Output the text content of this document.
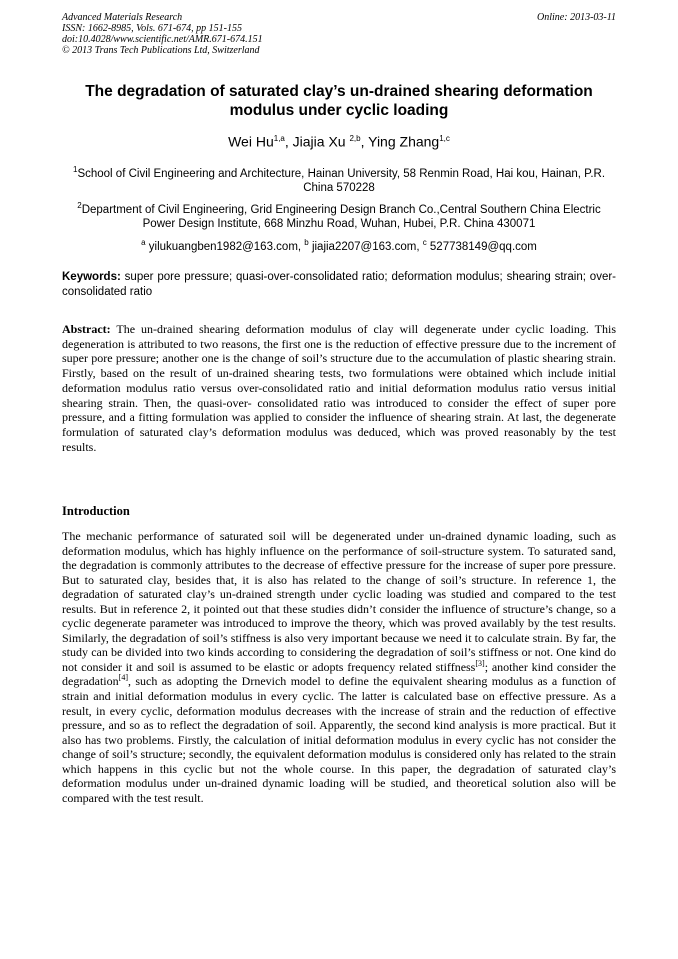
Advanced Materials Research
ISSN: 1662-8985, Vols. 671-674, pp 151-155
doi:10.4028/www.scientific.net/AMR.671-674.151
© 2013 Trans Tech Publications Ltd, Switzerland
Online: 2013-03-11
The degradation of saturated clay’s un-drained shearing deformation modulus under cyclic loading
Wei Hu$^{1,a}$, Jiajia Xu $^{2,b}$, Ying Zhang$^{1,c}$
$^1$School of Civil Engineering and Architecture, Hainan University, 58 Renmin Road, Hai kou, Hainan, P.R. China 570228
$^2$Department of Civil Engineering, Grid Engineering Design Branch Co.,Central Southern China Electric Power Design Institute, 668 Minzhu Road, Wuhan, Hubei, P.R. China 430071
$^a$ yilukuangben1982@163.com, $^b$ jiajia2207@163.com, $^c$ 527738149@qq.com
Keywords: super pore pressure; quasi-over-consolidated ratio; deformation modulus; shearing strain; over-consolidated ratio
Abstract: The un-drained shearing deformation modulus of clay will degenerate under cyclic loading. This degeneration is attributed to two reasons, the first one is the reduction of effective pressure due to the increment of super pore pressure; another one is the change of soil’s structure due to the accumulation of plastic shearing strain. Firstly, based on the result of un-drained shearing tests, two formulations were obtained which include initial deformation modulus ratio versus over-consolidated ratio and initial deformation modulus ratio versus initial shearing strain. Then, the quasi-over- consolidated ratio was introduced to consider the effect of super pore pressure, and a fitting formulation was applied to consider the influence of shearing strain. At last, the degenerate formulation of saturated clay’s deformation modulus was deduced, which was proved reasonably by the test results.
Introduction
The mechanic performance of saturated soil will be degenerated under un-drained dynamic loading, such as deformation modulus, which has highly influence on the performance of soil-structure system. To saturated sand, the degradation is commonly attributes to the decrease of effective pressure for the increase of super pore pressure. But to saturated clay, besides that, it is also has related to the change of soil’s structure. In reference 1, the degradation of saturated clay’s un-drained strength under cyclic loading was studied and compared to the test results. But in reference 2, it pointed out that these studies didn’t consider the influence of structure’s change, so a cyclic degenerate parameter was introduced to improve the theory, which was proved availably by the test results. Similarly, the degradation of soil’s stiffness is also very important because we need it to calculate strain. By far, the study can be divided into two kinds according to considering the degradation of soil’s stiffness or not. One kind do not consider it and soil is assumed to be elastic or adopts frequency related stiffness[3]; another kind consider the degradation[4], such as adopting the Drnevich model to define the equivalent shearing modulus as a function of strain and initial deformation modulus in every cyclic. The latter is calculated base on effective pressure. As a result, in every cyclic, deformation modulus decreases with the increase of strain and the reduction of effective pressure, and so as to reflect the degradation of soil. Apparently, the second kind analysis is more practical. But it also has two problems. Firstly, the calculation of initial deformation modulus in every cyclic has not consider the change of soil’s structure; secondly, the equivalent deformation modulus is considered only has related to the strain which happens in this cyclic but not the whole course. In this paper, the degradation of saturated clay’s deformation modulus under un-drained dynamic loading will be studied, and theoretical solution also will be compared with the test result.
